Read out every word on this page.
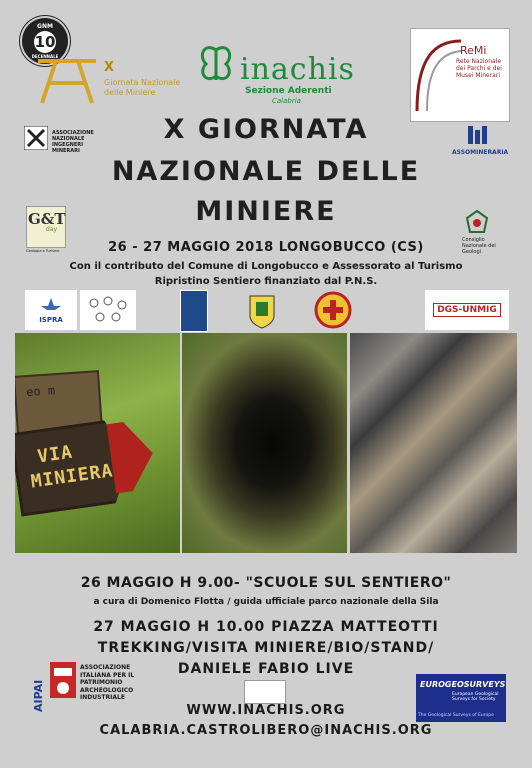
GNM
10
DECENNALE
X
Giornata Nazionale
delle Miniere
inachis
Sezione Aderenti
Calabria
ReMi
Rete Nazionale dei Parchi e dei Musei Minerari
ASSOCIAZIONE NAZIONALE INGEGNERI MINERARI	ASSOMINERARIA
X GIORNATA
NAZIONALE DELLE
MINIERE
G&T
day
Geologia e Turismo
Consiglio Nazionale dei Geologi
26 - 27 MAGGIO 2018 LONGOBUCCO (CS)
Con il contributo del Comune di Longobucco e Assessorato al Turismo
Ripristino Sentiero finanziato dal P.N.S.
ISPRA
DGS-UNMIG
eo m
VIA
MINIERA
26 MAGGIO H 9.00- "SCUOLE SUL SENTIERO"
a cura di Domenico Flotta / guida ufficiale parco nazionale della Sila
27 MAGGIO H 10.00 PIAZZA MATTEOTTI
TREKKING/VISITA MINIERE/BIO/STAND/
DANIELE FABIO LIVE
AIPAI
ASSOCIAZIONE ITALIANA PER IL PATRIMONIO ARCHEOLOGICO INDUSTRIALE
EUROGEOSURVEYS
European Geological Surveys for Society
The Geological Surveys of Europe
WWW.INACHIS.ORG
CALABRIA.CASTROLIBERO@INACHIS.ORG
